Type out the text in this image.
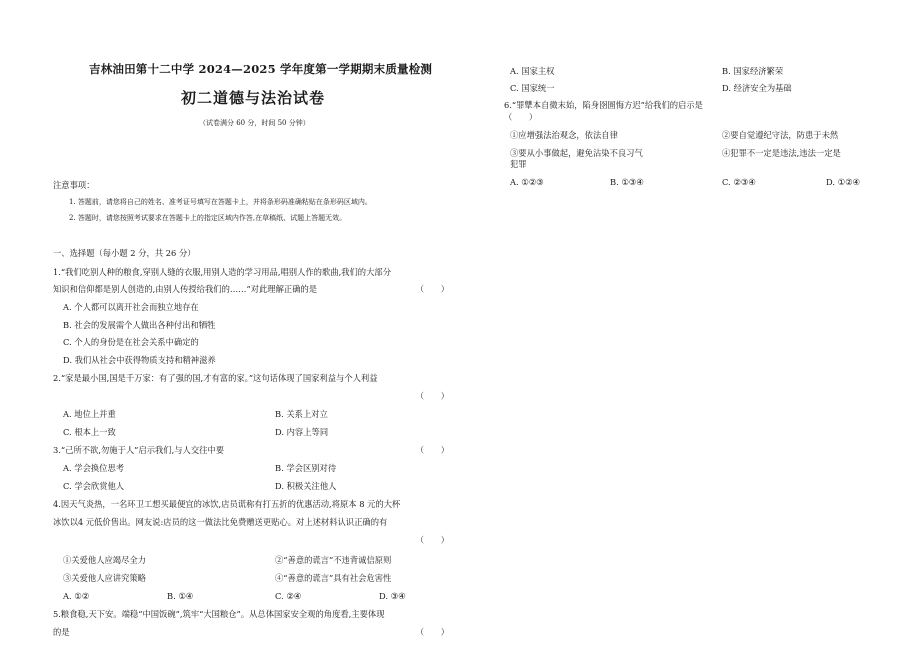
吉林油田第十二中学 2024—2025 学年度第一学期期末质量检测
初二道德与法治试卷
（试卷满分 60 分，时间 50 分钟）
注意事项：
1. 答题前，请您将自己的姓名、准考证号填写在答题卡上，并将条形码准确粘贴在条形码区域内。
2. 答题时，请您按照考试要求在答题卡上的指定区域内作答,在草稿纸、试题上答题无效。
一、选择题（每小题 2 分，共 26 分）
1.“我们吃别人种的粮食,穿别人缝的衣服,用别人造的学习用品,唱别人作的歌曲,我们的大部分
知识和信仰都是别人创造的,由别人传授给我们的……”对此理解正确的是	（　　）
A. 个人都可以离开社会而独立地存在
B. 社会的发展需个人做出各种付出和牺牲
C. 个人的身份是在社会关系中确定的
D. 我们从社会中获得物质支持和精神滋养
2.“家是最小国,国是千万家：有了强的国,才有富的家。”这句话体现了国家利益与个人利益
（　　）
A. 地位上并重	B. 关系上对立
C. 根本上一致	D. 内容上等同
3.“己所不欲,勿施于人”启示我们,与人交往中要	（　　）
A. 学会换位思考	B. 学会区别对待
C. 学会欣赏他人	D. 积极关注他人
4.因天气炎热，一名环卫工想买最便宜的冰饮,店员谎称有打五折的优惠活动,将原本 8 元的大杯
冰饮以4 元低价售出。网友说:店员的这一做法比免费赠送更贴心。对上述材料认识正确的有
（　　）
①关爱他人应竭尽全力	②“善意的谎言”不违背诚信原则
③关爱他人应讲究策略	④“善意的谎言”具有社会危害性
A. ①②	B. ①④	C. ②④	D. ③④
5.粮食稳,天下安。端稳“中国饭碗”,筑牢“大国粮仓”。从总体国家安全观的角度看,主要体现
的是	（　　）
A. 国家主权	B. 国家经济繁荣
C. 国家统一	D. 经济安全为基础
6.“罪犨本自微末始，陷身囹圄悔方迟”给我们的启示是
（　　）
①应增强法治观念，依法自律	②要自觉遵纪守法，防患于未然
③要从小事做起，避免沾染不良习气	④犯罪不一定是违法,违法一定是
犯罪
A. ①②③	B. ①③④	C. ②③④	D. ①②④
